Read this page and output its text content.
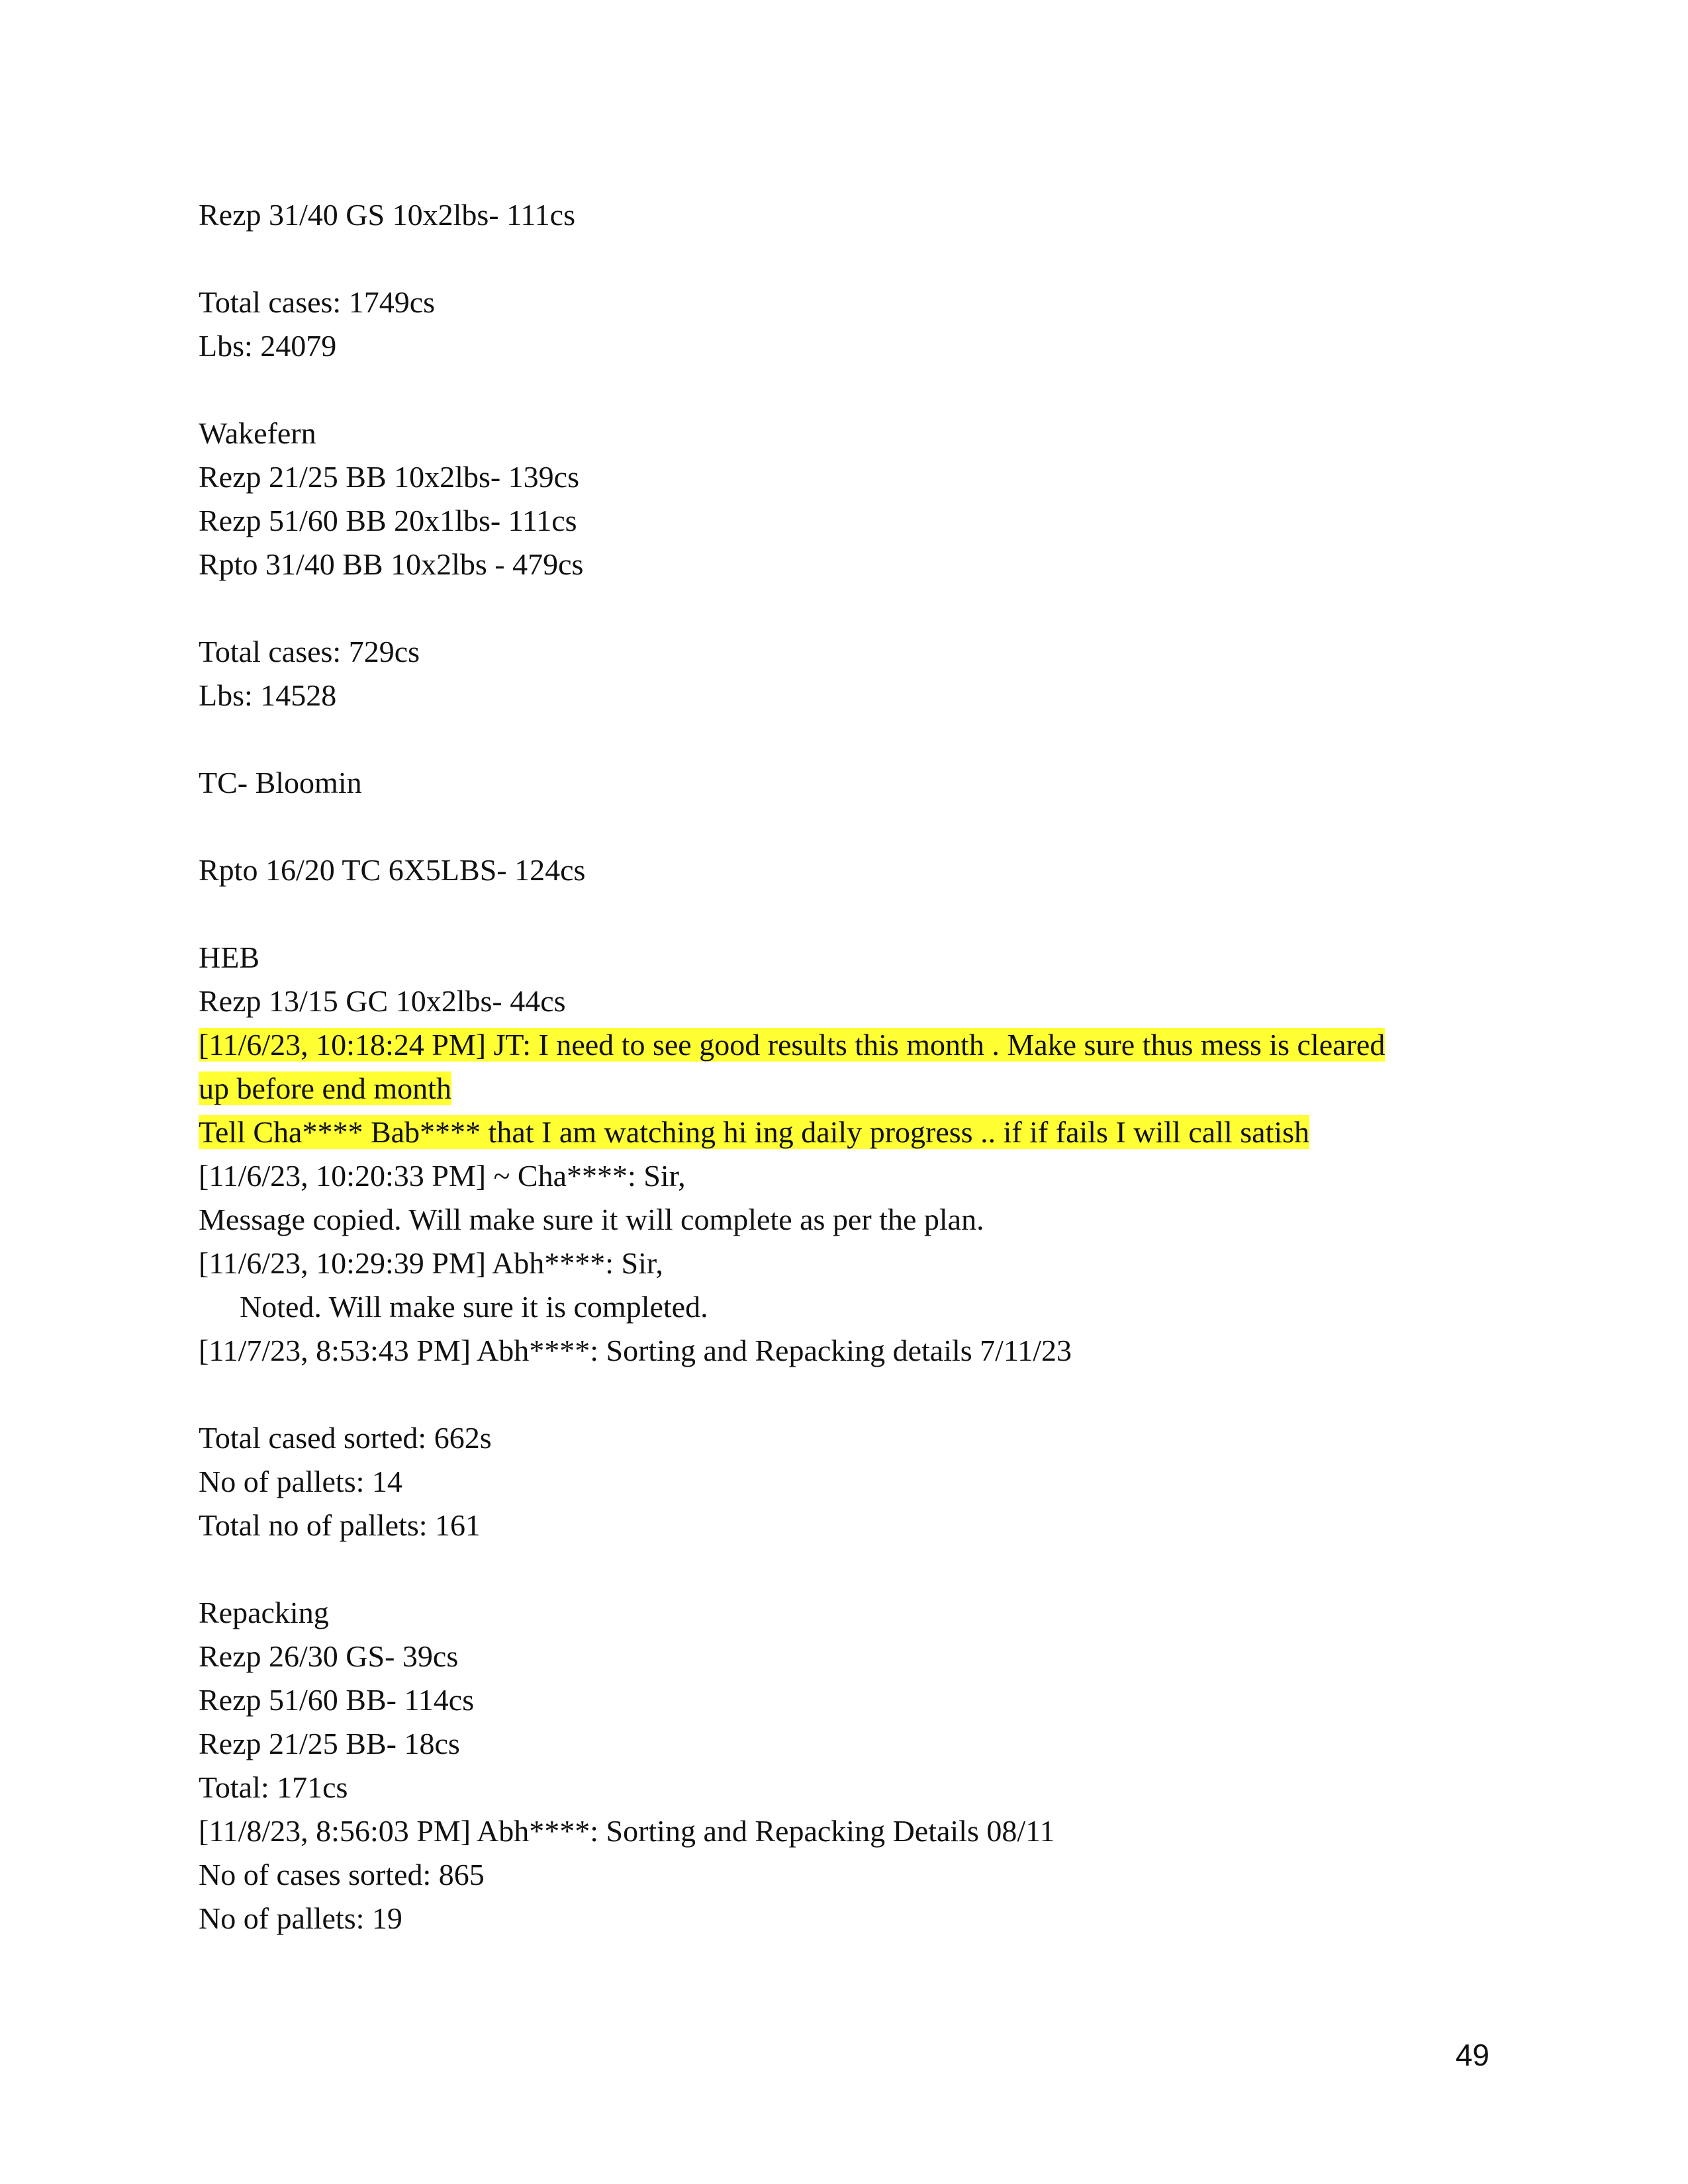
Rezp 31/40 GS 10x2lbs- 111cs
Total cases: 1749cs
Lbs: 24079
Wakefern
Rezp 21/25 BB 10x2lbs- 139cs
Rezp 51/60 BB 20x1lbs- 111cs
Rpto 31/40 BB 10x2lbs - 479cs
Total cases: 729cs
Lbs: 14528
TC- Bloomin
Rpto 16/20 TC 6X5LBS- 124cs
HEB
Rezp 13/15 GC 10x2lbs- 44cs
[11/6/23, 10:18:24 PM] JT: I need to see good results this month . Make sure thus mess is cleared
up before end month
Tell Cha**** Bab**** that I am watching hi ing daily progress .. if if fails I will call satish
[11/6/23, 10:20:33 PM] ~ Cha****: Sir,
Message copied. Will make sure it will complete as per the plan.
[11/6/23, 10:29:39 PM] Abh****: Sir,
Noted. Will make sure it is completed.
[11/7/23, 8:53:43 PM] Abh****: Sorting and Repacking details 7/11/23
Total cased sorted: 662s
No of pallets: 14
Total no of pallets: 161
Repacking
Rezp 26/30 GS- 39cs
Rezp 51/60 BB- 114cs
Rezp 21/25 BB- 18cs
Total: 171cs
[11/8/23, 8:56:03 PM] Abh****: Sorting and Repacking Details 08/11
No of cases sorted: 865
No of pallets: 19
49
